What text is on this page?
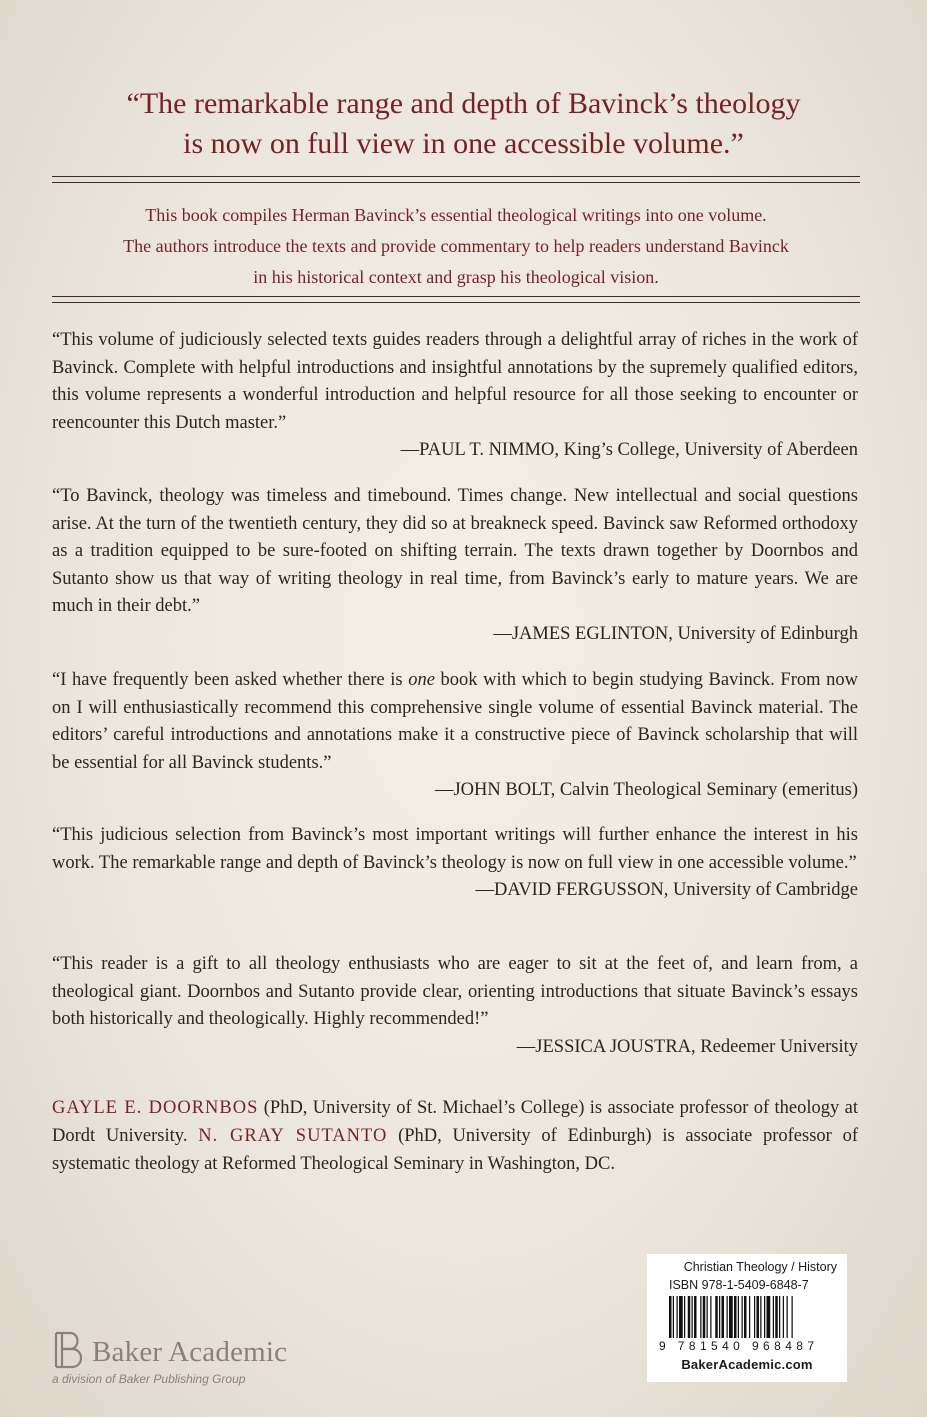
“The remarkable range and depth of Bavinck’s theology
is now on full view in one accessible volume.”
This book compiles Herman Bavinck’s essential theological writings into one volume.
The authors introduce the texts and provide commentary to help readers understand Bavinck
in his historical context and grasp his theological vision.

“This volume of judiciously selected texts guides readers through a delightful array of riches in the work of Bavinck. Complete with helpful introductions and insightful annotations by the supremely qualified editors, this volume represents a wonderful introduction and helpful resource for all those seeking to encounter or reencounter this Dutch master.”

—PAUL T. NIMMO, King’s College, University of Aberdeen

“To Bavinck, theology was timeless and timebound. Times change. New intellectual and social questions arise. At the turn of the twentieth century, they did so at breakneck speed. Bavinck saw Reformed orthodoxy as a tradition equipped to be sure-footed on shifting terrain. The texts drawn together by Doornbos and Sutanto show us that way of writing theology in real time, from Bavinck’s early to mature years. We are much in their debt.”

—JAMES EGLINTON, University of Edinburgh

“I have frequently been asked whether there is one book with which to begin studying Bavinck. From now on I will enthusiastically recommend this comprehensive single volume of essential Bavinck material. The editors’ careful introductions and annotations make it a constructive piece of Bavinck scholarship that will be essential for all Bavinck students.”

—JOHN BOLT, Calvin Theological Seminary (emeritus)

“This judicious selection from Bavinck’s most important writings will further enhance the interest in his work. The remarkable range and depth of Bavinck’s theology is now on full view in one accessible volume.”

—DAVID FERGUSSON, University of Cambridge

“This reader is a gift to all theology enthusiasts who are eager to sit at the feet of, and learn from, a theological giant. Doornbos and Sutanto provide clear, orienting introductions that situate Bavinck’s essays both historically and theologically. Highly recommended!”

—JESSICA JOUSTRA, Redeemer University

GAYLE E. DOORNBOS (PhD, University of St. Michael’s College) is associate professor of theology at Dordt University. N. GRAY SUTANTO (PhD, University of Edinburgh) is associate professor of systematic theology at Reformed Theological Seminary in Washington, DC.
Baker Academic
a division of Baker Publishing Group
Christian Theology / History
ISBN 978-1-5409-6848-7
9 781540 968487
BakerAcademic.com
